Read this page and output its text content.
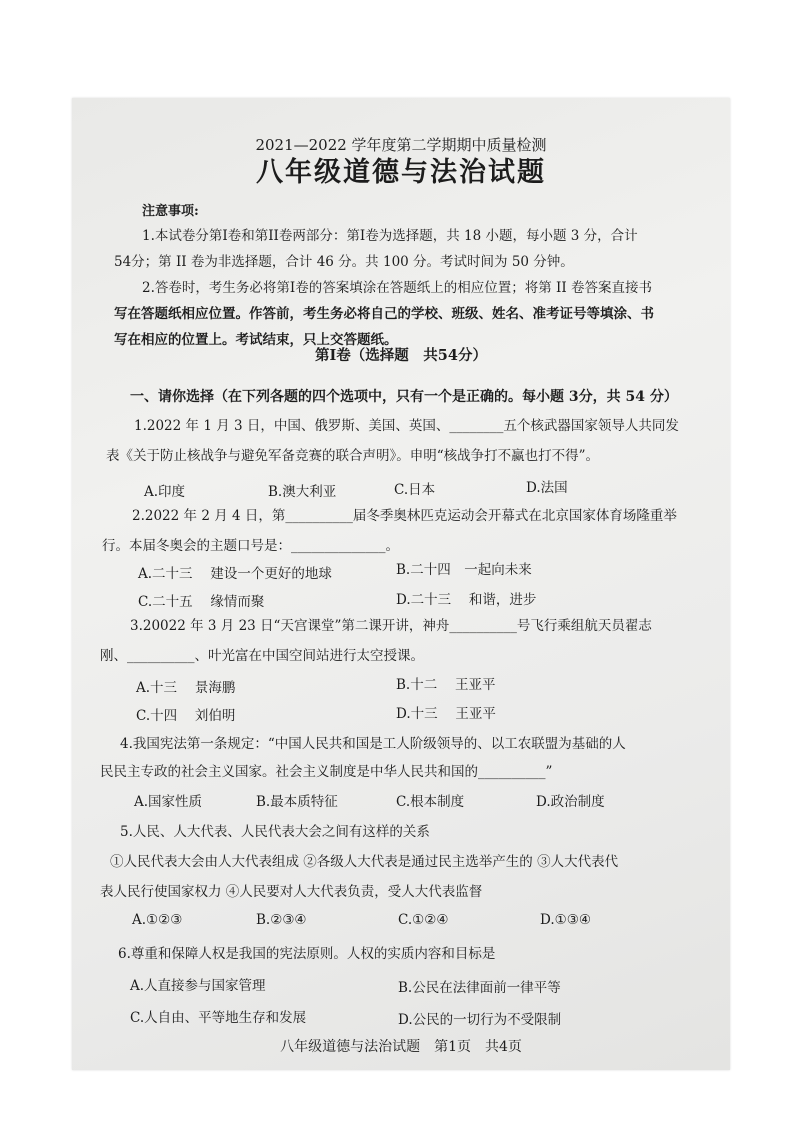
2021—2022 学年度第二学期期中质量检测
八年级道德与法治试题
注意事项:
1.本试卷分第Ⅰ卷和第II卷两部分：第Ⅰ卷为选择题，共 18 小题，每小题 3 分，合计
54分；第 II 卷为非选择题，合计 46 分。共 100 分。考试时间为 50 分钟。
2.答卷时，考生务必将第Ⅰ卷的答案填涂在答题纸上的相应位置；将第 II 卷答案直接书
写在答题纸相应位置。作答前，考生务必将自己的学校、班级、姓名、准考证号等填涂、书
写在相应的位置上。考试结束，只上交答题纸。
第Ⅰ卷（选择题　共54分）
一、请你选择（在下列各题的四个选项中，只有一个是正确的。每小题 3分，共 54 分）
1.2022 年 1 月 3 日，中国、俄罗斯、美国、英国、________五个核武器国家领导人共同发
表《关于防止核战争与避免军备竞赛的联合声明》。申明“核战争打不赢也打不得”。
A.印度	B.澳大利亚	C.日本	D.法国
2.2022 年 2 月 4 日，第__________届冬季奥林匹克运动会开幕式在北京国家体育场隆重举
行。本届冬奥会的主题口号是：______________。
A.二十三　 建设一个更好的地球	B.二十四　一起向未来
C.二十五　 缘情而聚	D.二十三　 和谐，进步
3.20022 年 3 月 23 日“天宫课堂”第二课开讲，神舟__________号飞行乘组航天员翟志
刚、__________、叶光富在中国空间站进行太空授课。
A.十三　 景海鹏	B.十二　 王亚平
C.十四　 刘伯明	D.十三　 王亚平
4.我国宪法第一条规定：“中国人民共和国是工人阶级领导的、以工农联盟为基础的人
民民主专政的社会主义国家。社会主义制度是中华人民共和国的__________”
A.国家性质	B.最本质特征	C.根本制度	D.政治制度
5.人民、人大代表、人民代表大会之间有这样的关系
①人民代表大会由人大代表组成 ②各级人大代表是通过民主选举产生的 ③人大代表代
表人民行使国家权力 ④人民要对人大代表负责，受人大代表监督
A.①②③	B.②③④	C.①②④	D.①③④
6.尊重和保障人权是我国的宪法原则。人权的实质内容和目标是
A.人直接参与国家管理	B.公民在法律面前一律平等
C.人自由、平等地生存和发展	D.公民的一切行为不受限制
八年级道德与法治试题　第1页　共4页
